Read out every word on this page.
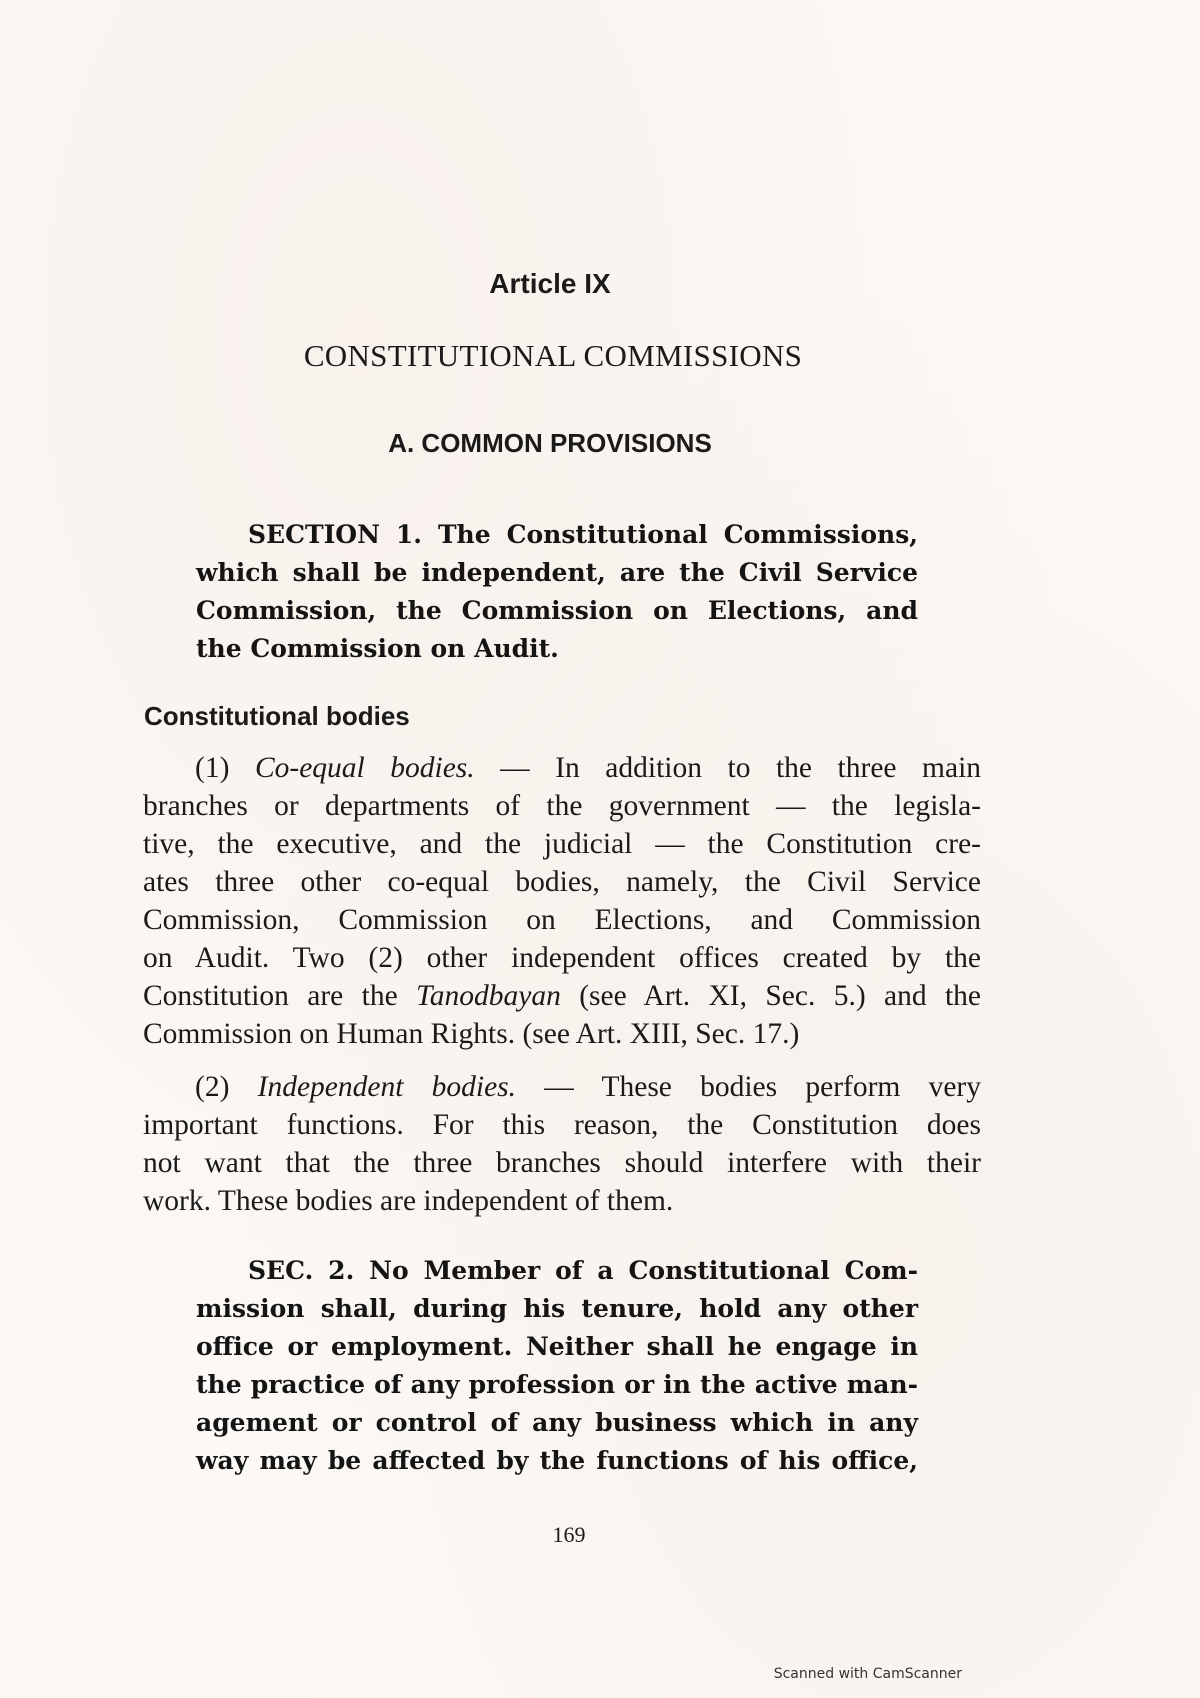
Article IX
CONSTITUTIONAL COMMISSIONS
A. COMMON PROVISIONS

SECTION 1. The Constitutional Commissions,
which shall be independent, are the Civil Service
Commission, the Commission on Elections, and
the Commission on Audit.

Constitutional bodies

(1) Co-equal bodies. — In addition to the three main
branches or departments of the government — the legisla-
tive, the executive, and the judicial — the Constitution cre-
ates three other co-equal bodies, namely, the Civil Service
Commission, Commission on Elections, and Commission
on Audit. Two (2) other independent offices created by the
Constitution are the Tanodbayan (see Art. XI, Sec. 5.) and the
Commission on Human Rights. (see Art. XIII, Sec. 17.)

(2) Independent bodies. — These bodies perform very
important functions. For this reason, the Constitution does
not want that the three branches should interfere with their
work. These bodies are independent of them.

SEC. 2. No Member of a Constitutional Com-
mission shall, during his tenure, hold any other
office or employment. Neither shall he engage in
the practice of any profession or in the active man-
agement or control of any business which in any
way may be affected by the functions of his office,

169
Scanned with CamScanner
